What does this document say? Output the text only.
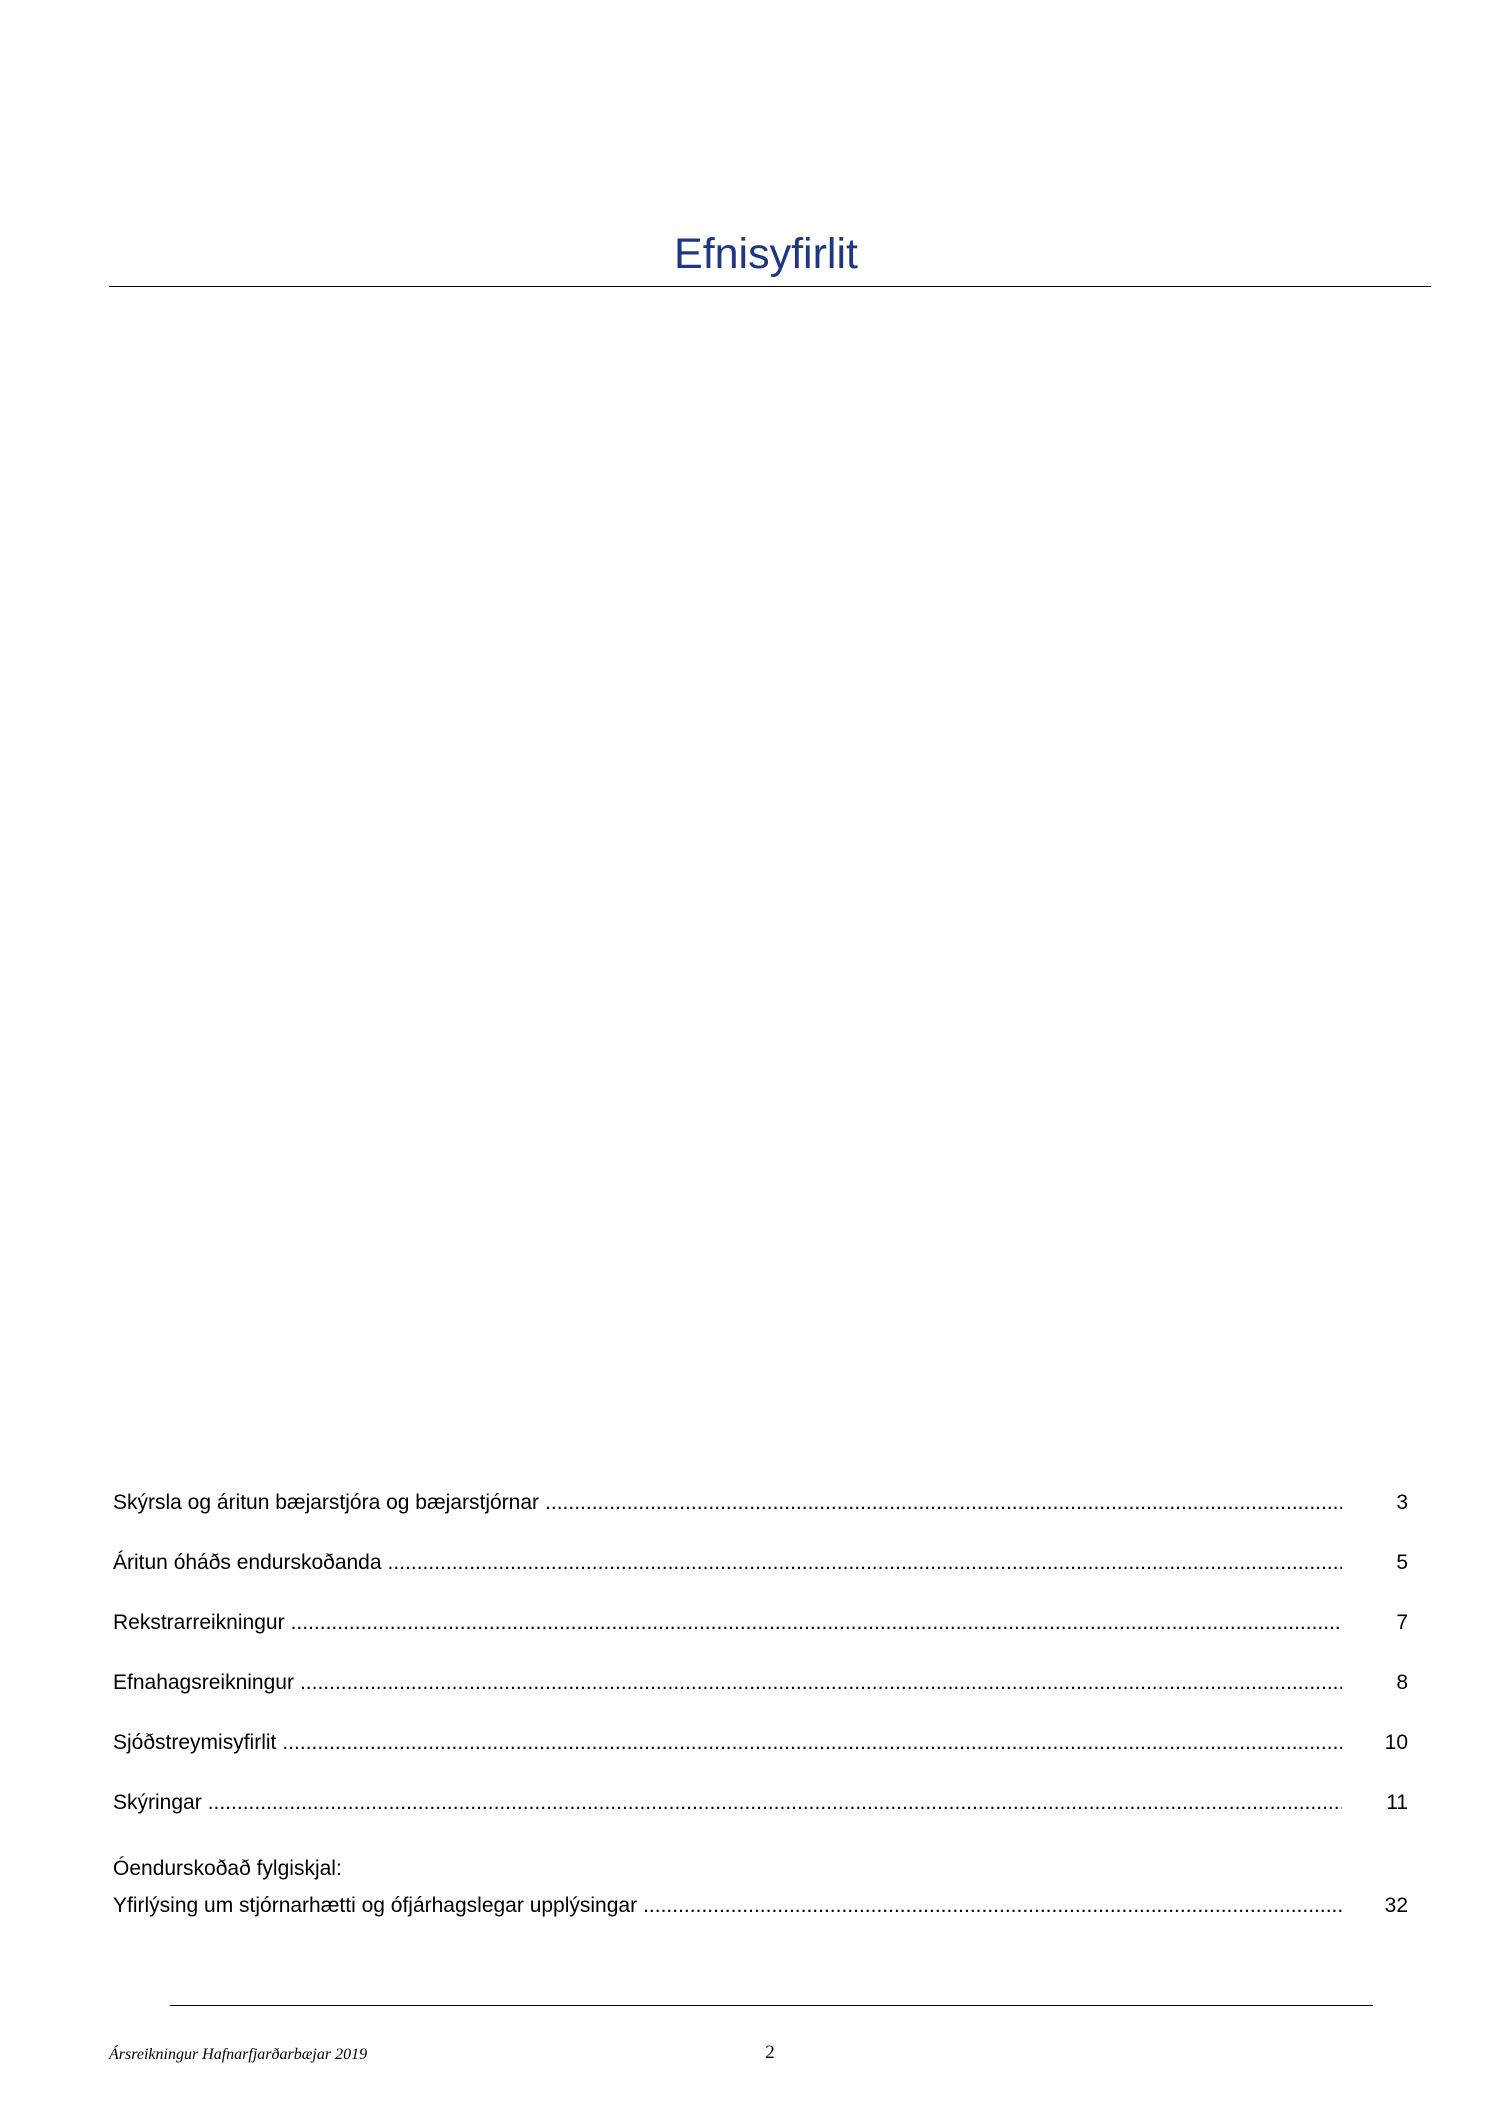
Efnisyfirlit
Skýrsla og áritun bæjarstjóra og bæjarstjórnar .....	3
Áritun óháðs endurskoðanda .....	5
Rekstrarreikningur .....	7
Efnahagsreikningur .....	8
Sjóðstreymisyfirlit .....	10
Skýringar .....	11
Óendurskoðað fylgiskjal:
Yfirlýsing um stjórnarhætti og ófjárhagslegar upplýsingar .....	32
Ársreikningur Hafnarfjarðarbæjar 2019	2
